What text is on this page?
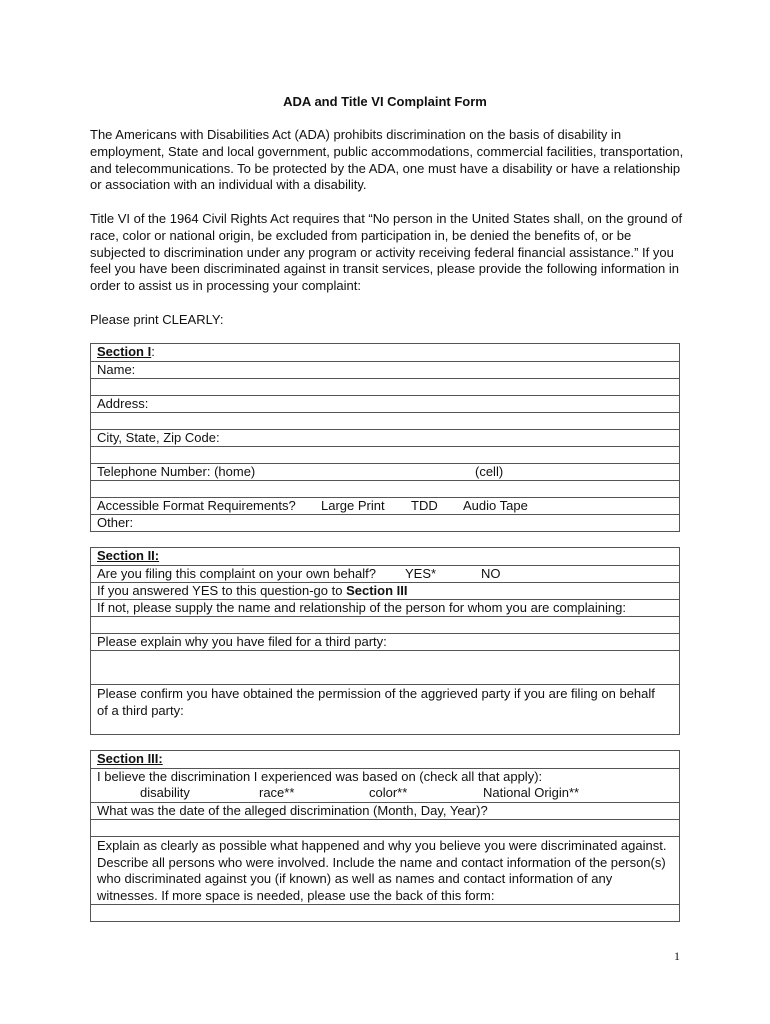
ADA and Title VI Complaint Form

The Americans with Disabilities Act (ADA) prohibits discrimination on the basis of disability in employment, State and local government, public accommodations, commercial facilities, transportation, and telecommunications. To be protected by the ADA, one must have a disability or have a relationship or association with an individual with a disability.

Title VI of the 1964 Civil Rights Act requires that “No person in the United States shall, on the ground of race, color or national origin, be excluded from participation in, be denied the benefits of, or be subjected to discrimination under any program or activity receiving federal financial assistance.” If you feel you have been discriminated against in transit services, please provide the following information in order to assist us in processing your complaint:

Please print CLEARLY:

Section I:
Name:
Address:
City, State, Zip Code:
Telephone Number: (home)	(cell)
Accessible Format Requirements? Large Print TDD Audio Tape
Other:
Section II:
Are you filing this complaint on your own behalf? YES*	NO
If you answered YES to this question-go to Section III
If not, please supply the name and relationship of the person for whom you are complaining:
Please explain why you have filed for a third party:
Please confirm you have obtained the permission of the aggrieved party if you are filing on behalf of a third party:
Section III:
I believe the discrimination I experienced was based on (check all that apply):
disability	race**	color**	National Origin**
What was the date of the alleged discrimination (Month, Day, Year)?
Explain as clearly as possible what happened and why you believe you were discriminated against. Describe all persons who were involved. Include the name and contact information of the person(s) who discriminated against you (if known) as well as names and contact information of any witnesses. If more space is needed, please use the back of this form:
1
